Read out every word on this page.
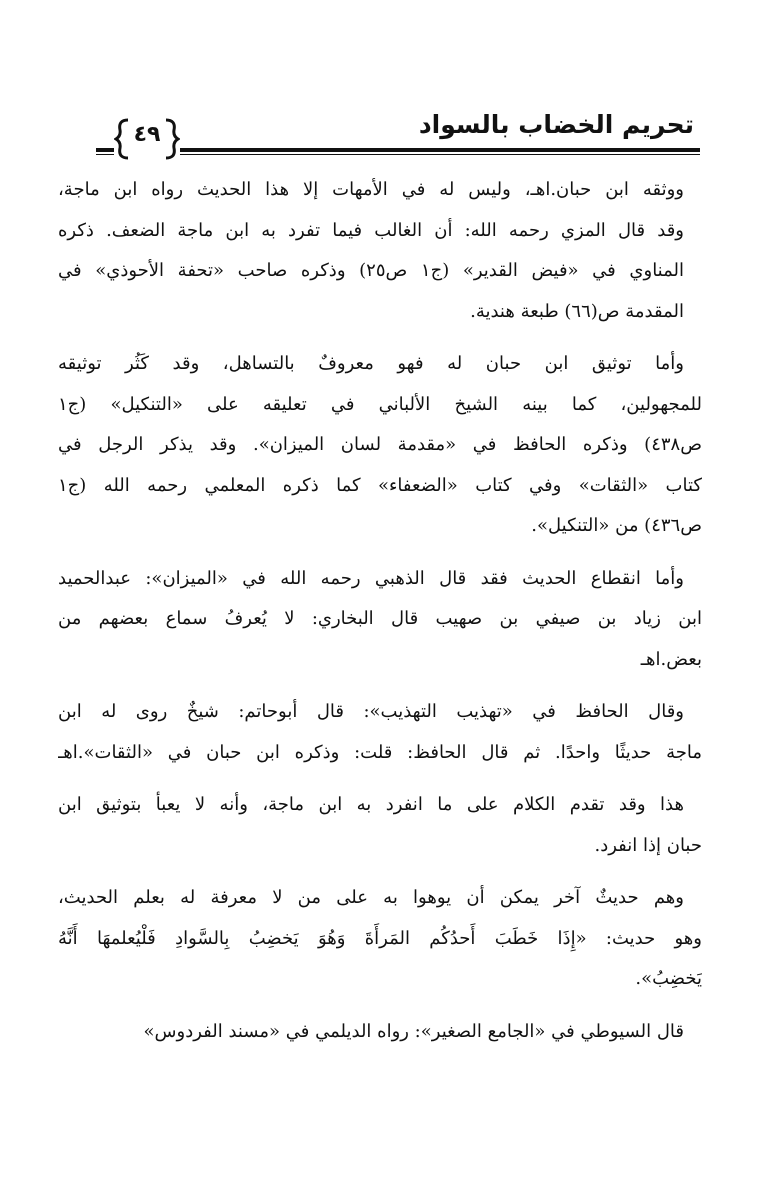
تحريم الخضاب بالسواد
٤٩
ووثقه ابن حبان.اهـ، وليس له في الأمهات إلا هذا الحديث رواه ابن ماجة،
وقد قال المزي رحمه الله: أن الغالب فيما تفرد به ابن ماجة الضعف. ذكره
المناوي في «فيض القدير» (ج١ ص٢٥) وذكره صاحب «تحفة الأحوذي» في
المقدمة ص(٦٦) طبعة هندية.
وأما توثيق ابن حبان له فهو معروفٌ بالتساهل، وقد كَثُر توثيقه
للمجهولين، كما بينه الشيخ الألباني في تعليقه على «التنكيل» (ج١
ص٤٣٨) وذكره الحافظ في «مقدمة لسان الميزان». وقد يذكر الرجل في
كتاب «الثقات» وفي كتاب «الضعفاء» كما ذكره المعلمي رحمه الله (ج١
ص٤٣٦) من «التنكيل».
وأما انقطاع الحديث فقد قال الذهبي رحمه الله في «الميزان»: عبدالحميد
ابن زياد بن صيفي بن صهيب قال البخاري: لا يُعرفُ سماع بعضهم من
بعض.اهـ
وقال الحافظ في «تهذيب التهذيب»: قال أبوحاتم: شيخٌ روى له ابن
ماجة حديثًا واحدًا. ثم قال الحافظ: قلت: وذكره ابن حبان في «الثقات».اهـ
هذا وقد تقدم الكلام على ما انفرد به ابن ماجة، وأنه لا يعبأ بتوثيق ابن
حبان إذا انفرد.
وهم حديثٌ آخر يمكن أن يوهوا به على من لا معرفة له بعلم الحديث،
وهو حديث: «إِذَا خَطَبَ أَحدُكُم المَرأَةَ وَهُوَ يَخضِبُ بِالسَّوادِ فَلْيُعلمهَا أَنَّهُ
يَخضِبُ».
قال السيوطي في «الجامع الصغير»: رواه الديلمي في «مسند الفردوس»
